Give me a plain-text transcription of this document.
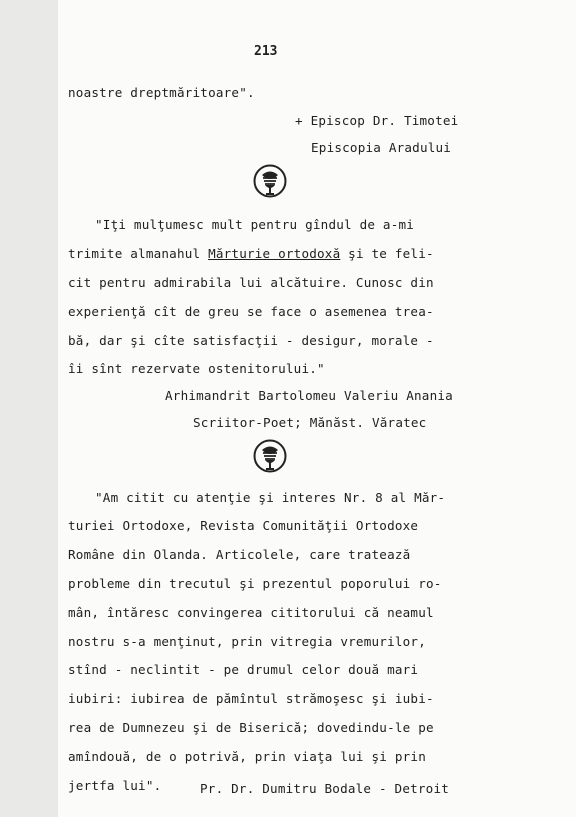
213
noastre dreptmăritoare".
+ Episcop Dr. Timotei
Episcopia Aradului
"Iţi mulţumesc mult pentru gîndul de a-mi
trimite almanahul Mărturie ortodoxă şi te feli-
cit pentru admirabila lui alcătuire. Cunosc din
experienţă cît de greu se face o asemenea trea-
bă, dar şi cîte satisfacţii - desigur, morale -
îi sînt rezervate ostenitorului."
Arhimandrit Bartolomeu Valeriu Anania
Scriitor-Poet; Mănăst. Văratec
"Am citit cu atenţie şi interes Nr. 8 al Măr-
turiei Ortodoxe, Revista Comunităţii Ortodoxe
Române din Olanda. Articolele, care tratează
probleme din trecutul şi prezentul poporului ro-
mân, întăresc convingerea cititorului că neamul
nostru s-a menţinut, prin vitregia vremurilor,
stînd - neclintit - pe drumul celor două mari
iubiri: iubirea de pămîntul strămoşesc şi iubi-
rea de Dumnezeu şi de Biserică; dovedindu-le pe
amîndouă, de o potrivă, prin viaţa lui şi prin
jertfa lui".	Pr. Dr. Dumitru Bodale - Detroit
